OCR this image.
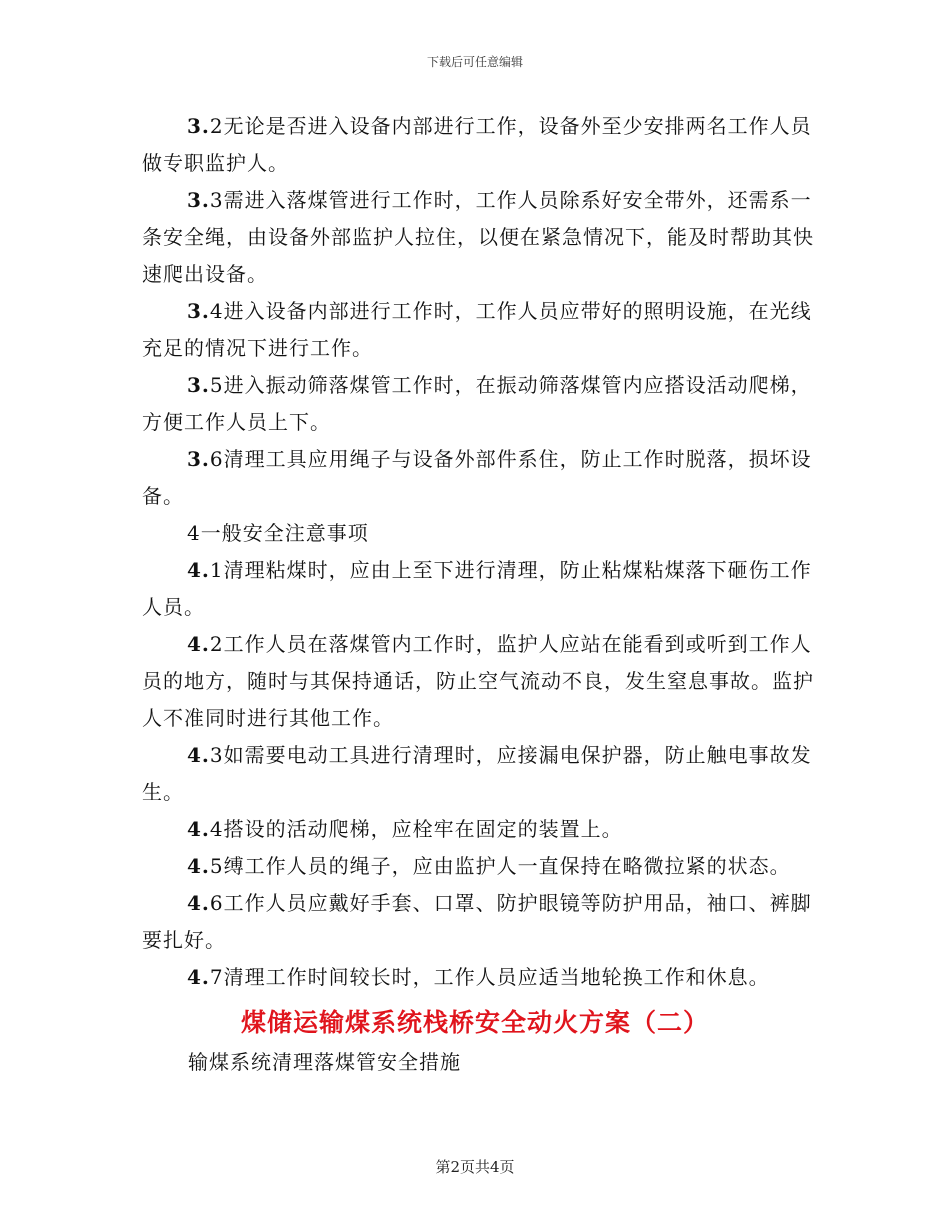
下载后可任意编辑

3.2无论是否进入设备内部进行工作，设备外至少安排两名工作人员做专职监护人。

3.3需进入落煤管进行工作时，工作人员除系好安全带外，还需系一条安全绳，由设备外部监护人拉住，以便在紧急情况下，能及时帮助其快速爬出设备。

3.4进入设备内部进行工作时，工作人员应带好的照明设施，在光线充足的情况下进行工作。

3.5进入振动筛落煤管工作时，在振动筛落煤管内应搭设活动爬梯，方便工作人员上下。

3.6清理工具应用绳子与设备外部件系住，防止工作时脱落，损坏设备。

4一般安全注意事项

4.1清理粘煤时，应由上至下进行清理，防止粘煤粘煤落下砸伤工作人员。

4.2工作人员在落煤管内工作时，监护人应站在能看到或听到工作人员的地方，随时与其保持通话，防止空气流动不良，发生窒息事故。监护人不准同时进行其他工作。

4.3如需要电动工具进行清理时，应接漏电保护器，防止触电事故发生。

4.4搭设的活动爬梯，应栓牢在固定的装置上。

4.5缚工作人员的绳子，应由监护人一直保持在略微拉紧的状态。

4.6工作人员应戴好手套、口罩、防护眼镜等防护用品，袖口、裤脚要扎好。

4.7清理工作时间较长时，工作人员应适当地轮换工作和休息。

煤储运输煤系统栈桥安全动火方案（二）
输煤系统清理落煤管安全措施
第2页共4页
